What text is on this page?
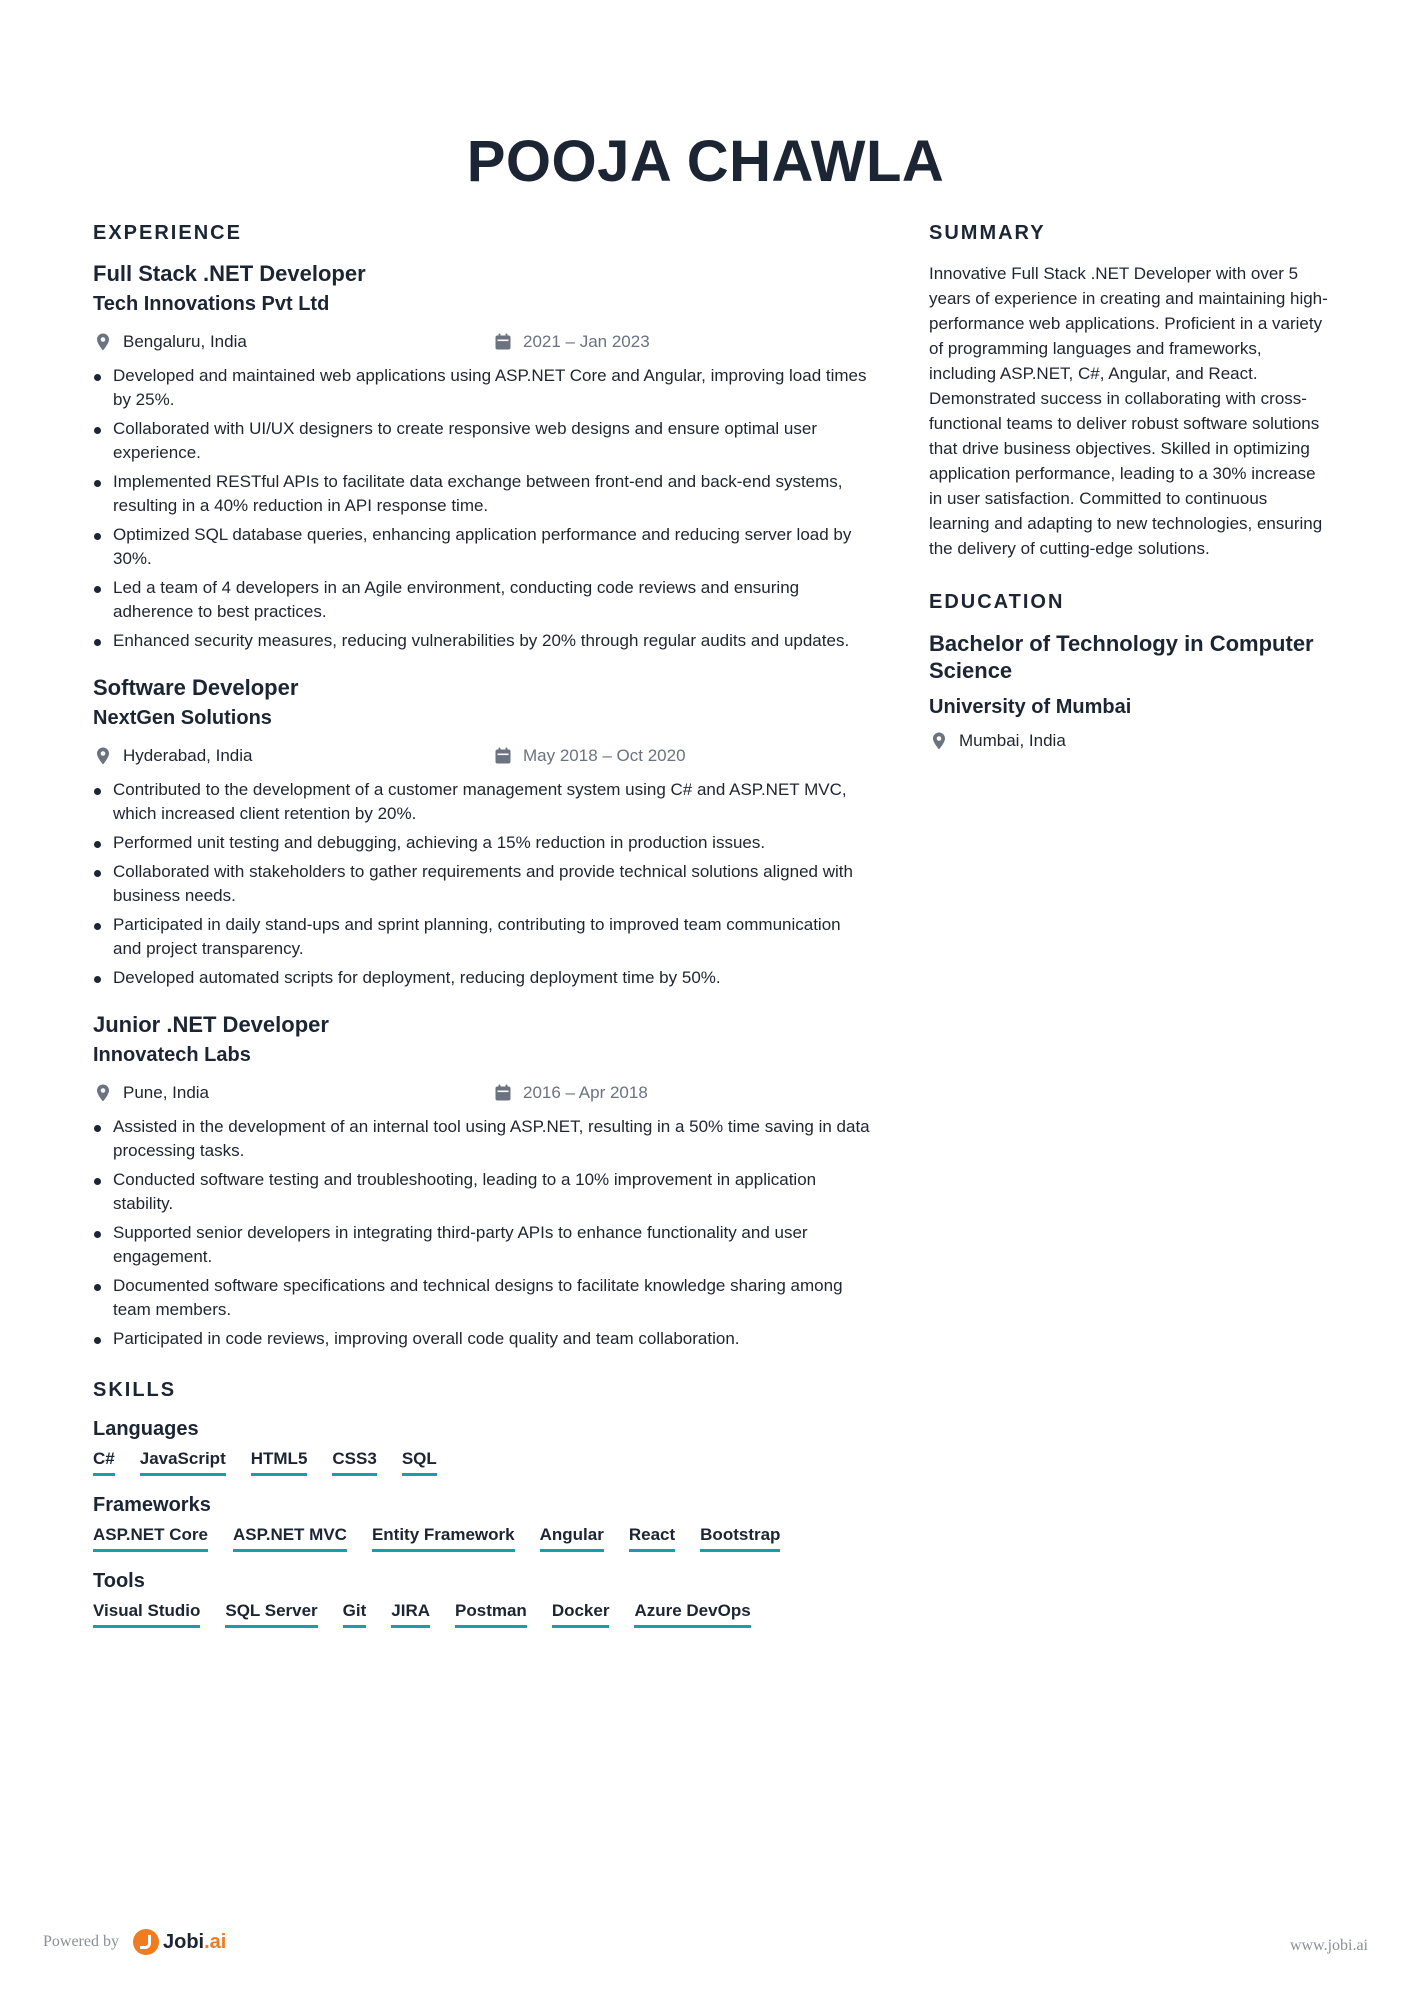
POOJA CHAWLA
EXPERIENCE
Full Stack .NET Developer
Tech Innovations Pvt Ltd
Bengaluru, India	2021 – Jan 2023
Developed and maintained web applications using ASP.NET Core and Angular, improving load times by 25%.
Collaborated with UI/UX designers to create responsive web designs and ensure optimal user experience.
Implemented RESTful APIs to facilitate data exchange between front-end and back-end systems, resulting in a 40% reduction in API response time.
Optimized SQL database queries, enhancing application performance and reducing server load by 30%.
Led a team of 4 developers in an Agile environment, conducting code reviews and ensuring adherence to best practices.
Enhanced security measures, reducing vulnerabilities by 20% through regular audits and updates.
Software Developer
NextGen Solutions
Hyderabad, India	May 2018 – Oct 2020
Contributed to the development of a customer management system using C# and ASP.NET MVC, which increased client retention by 20%.
Performed unit testing and debugging, achieving a 15% reduction in production issues.
Collaborated with stakeholders to gather requirements and provide technical solutions aligned with business needs.
Participated in daily stand-ups and sprint planning, contributing to improved team communication and project transparency.
Developed automated scripts for deployment, reducing deployment time by 50%.
Junior .NET Developer
Innovatech Labs
Pune, India	2016 – Apr 2018
Assisted in the development of an internal tool using ASP.NET, resulting in a 50% time saving in data processing tasks.
Conducted software testing and troubleshooting, leading to a 10% improvement in application stability.
Supported senior developers in integrating third-party APIs to enhance functionality and user engagement.
Documented software specifications and technical designs to facilitate knowledge sharing among team members.
Participated in code reviews, improving overall code quality and team collaboration.
SKILLS
Languages
C# JavaScript HTML5 CSS3 SQL
Frameworks
ASP.NET Core ASP.NET MVC Entity Framework Angular React Bootstrap
Tools
Visual Studio SQL Server Git JIRA Postman Docker Azure DevOps
SUMMARY

Innovative Full Stack .NET Developer with over 5 years of experience in creating and maintaining high-performance web applications. Proficient in a variety of programming languages and frameworks, including ASP.NET, C#, Angular, and React. Demonstrated success in collaborating with cross-functional teams to deliver robust software solutions that drive business objectives. Skilled in optimizing application performance, leading to a 30% increase in user satisfaction. Committed to continuous learning and adapting to new technologies, ensuring the delivery of cutting-edge solutions.

EDUCATION
Bachelor of Technology in Computer Science
University of Mumbai
Mumbai, India
Powered by Jobi .ai	www.jobi.ai
